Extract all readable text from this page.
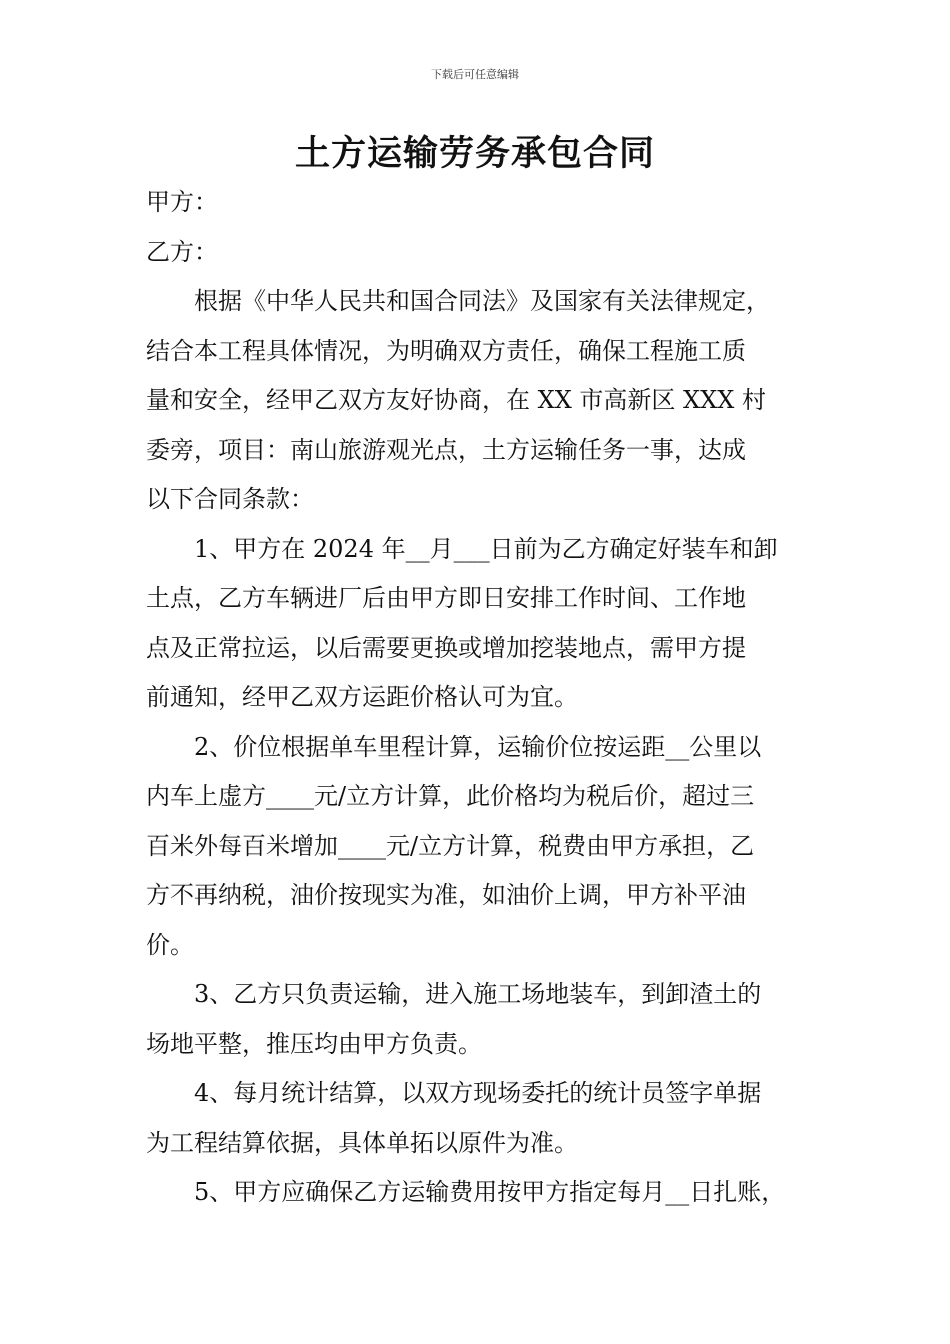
下载后可任意编辑
土方运输劳务承包合同
甲方：
乙方：
根据《中华人民共和国合同法》及国家有关法律规定，
结合本工程具体情况，为明确双方责任，确保工程施工质
量和安全，经甲乙双方友好协商，在 XX 市高新区 XXX 村
委旁，项目：南山旅游观光点，土方运输任务一事，达成
以下合同条款：
1、甲方在 2024 年__月___日前为乙方确定好装车和卸
土点，乙方车辆进厂后由甲方即日安排工作时间、工作地
点及正常拉运，以后需要更换或增加挖装地点，需甲方提
前通知，经甲乙双方运距价格认可为宜。
2、价位根据单车里程计算，运输价位按运距__公里以
内车上虚方____元/立方计算，此价格均为税后价，超过三
百米外每百米增加____元/立方计算，税费由甲方承担，乙
方不再纳税，油价按现实为准，如油价上调，甲方补平油
价。
3、乙方只负责运输，进入施工场地装车，到卸渣土的
场地平整，推压均由甲方负责。
4、每月统计结算，以双方现场委托的统计员签字单据
为工程结算依据，具体单拓以原件为准。
5、甲方应确保乙方运输费用按甲方指定每月__日扎账，
